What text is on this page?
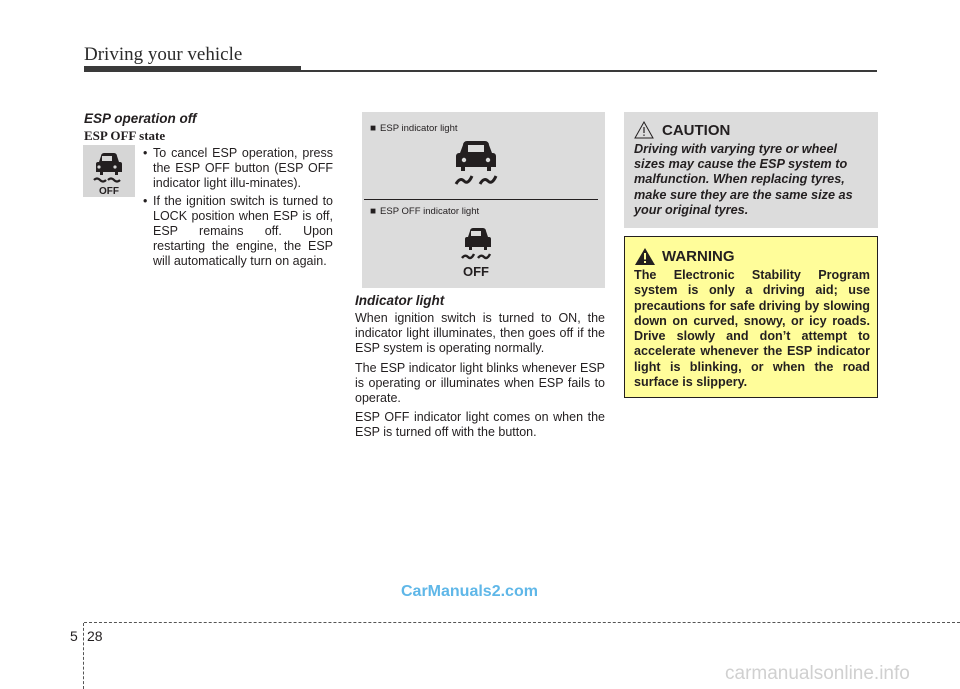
Driving your vehicle
ESP operation off
ESP OFF state
OFF
• To cancel ESP operation, press the ESP OFF button (ESP OFF indicator light illu-minates).
• If the ignition switch is turned to LOCK position when ESP is off, ESP remains off. Upon restarting the engine, the ESP will automatically turn on again.
■ ESP indicator light
■ ESP OFF indicator light
OFF
Indicator light

When ignition switch is turned to ON, the indicator light illuminates, then goes off if the ESP system is operating normally.

The ESP indicator light blinks whenever ESP is operating or illuminates when ESP fails to operate.

ESP OFF indicator light comes on when the ESP is turned off with the button.

CAUTION

Driving with varying tyre or wheel sizes may cause the ESP system to malfunction. When replacing tyres, make sure they are the same size as your original tyres.

WARNING

The Electronic Stability Program system is only a driving aid; use precautions for safe driving by slowing down on curved, snowy, or icy roads. Drive slowly and don’t attempt to accelerate whenever the ESP indicator light is blinking, or when the road surface is slippery.

CarManuals2.com
5 28
carmanualsonline.info
